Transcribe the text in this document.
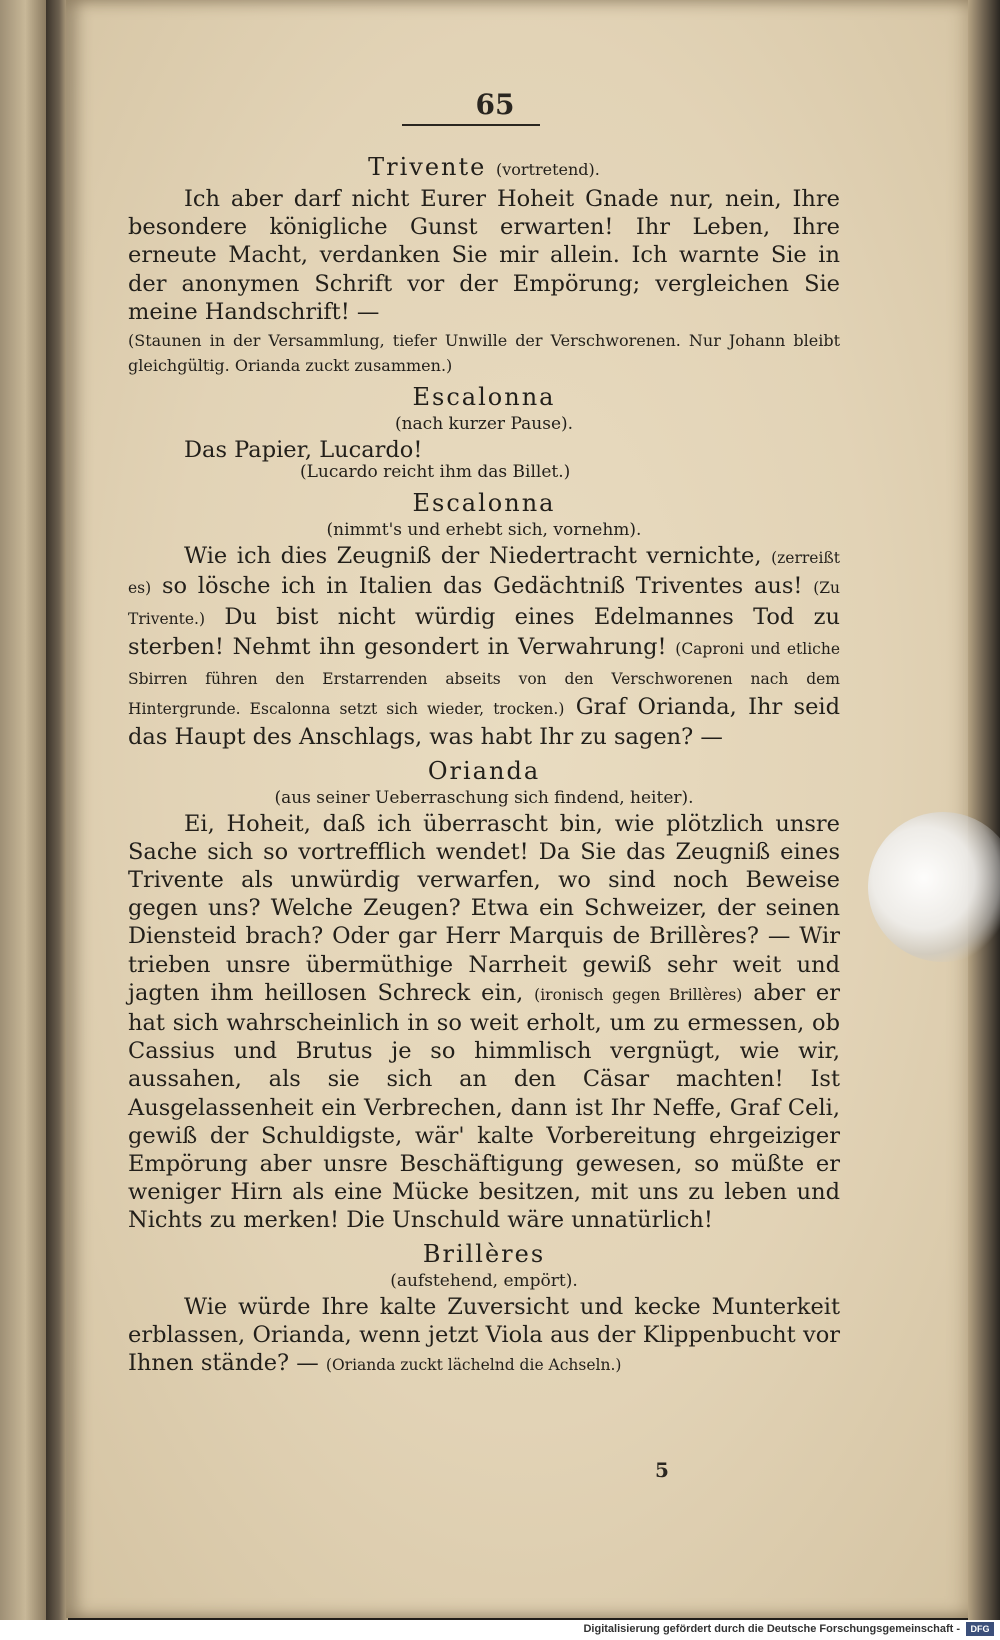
65

Trivente (vortretend).

Ich aber darf nicht Eurer Hoheit Gnade nur, nein, Ihre besondere königliche Gunst erwarten! Ihr Leben, Ihre erneute Macht, verdanken Sie mir allein. Ich warnte Sie in der anonymen Schrift vor der Empörung; vergleichen Sie meine Handschrift! —

(Staunen in der Versammlung, tiefer Unwille der Verschworenen. Nur Johann bleibt gleichgültig. Orianda zuckt zusammen.)

Escalonna

(nach kurzer Pause).

Das Papier, Lucardo!

(Lucardo reicht ihm das Billet.)

Escalonna

(nimmt's und erhebt sich, vornehm).

Wie ich dies Zeugniß der Niedertracht vernichte, (zerreißt es) so lösche ich in Italien das Gedächtniß Triventes aus! (Zu Trivente.) Du bist nicht würdig eines Edelmannes Tod zu sterben! Nehmt ihn gesondert in Verwahrung! (Caproni und etliche Sbirren führen den Erstarrenden abseits von den Verschworenen nach dem Hintergrunde. Escalonna setzt sich wieder, trocken.) Graf Orianda, Ihr seid das Haupt des Anschlags, was habt Ihr zu sagen? —

Orianda

(aus seiner Ueberraschung sich findend, heiter).

Ei, Hoheit, daß ich überrascht bin, wie plötzlich unsre Sache sich so vortrefflich wendet! Da Sie das Zeugniß eines Trivente als unwürdig verwarfen, wo sind noch Beweise gegen uns? Welche Zeugen? Etwa ein Schweizer, der seinen Dienstеid brach? Oder gar Herr Marquis de Brillères? — Wir trieben unsre übermüthige Narrheit gewiß sehr weit und jagten ihm heillosen Schreck ein, (ironisch gegen Brillères) aber er hat sich wahrscheinlich in so weit erholt, um zu ermessen, ob Cassius und Brutus je so himmlisch vergnügt, wie wir, aussahen, als sie sich an den Cäsar machten! Ist Ausgelassenheit ein Verbrechen, dann ist Ihr Neffe, Graf Celi, gewiß der Schuldigste, wär' kalte Vorbereitung ehrgeiziger Empörung aber unsre Beschäftigung gewesen, so müßte er weniger Hirn als eine Mücke besitzen, mit uns zu leben und Nichts zu merken! Die Unschuld wäre unnatürlich!

Brillères

(aufstehend, empört).

Wie würde Ihre kalte Zuversicht und kecke Munterkeit erblassen, Orianda, wenn jetzt Viola aus der Klippenbucht vor Ihnen stände? — (Orianda zuckt lächelnd die Achseln.)

5
Digitalisierung gefördert durch die Deutsche Forschungsgemeinschaft -	DFG
